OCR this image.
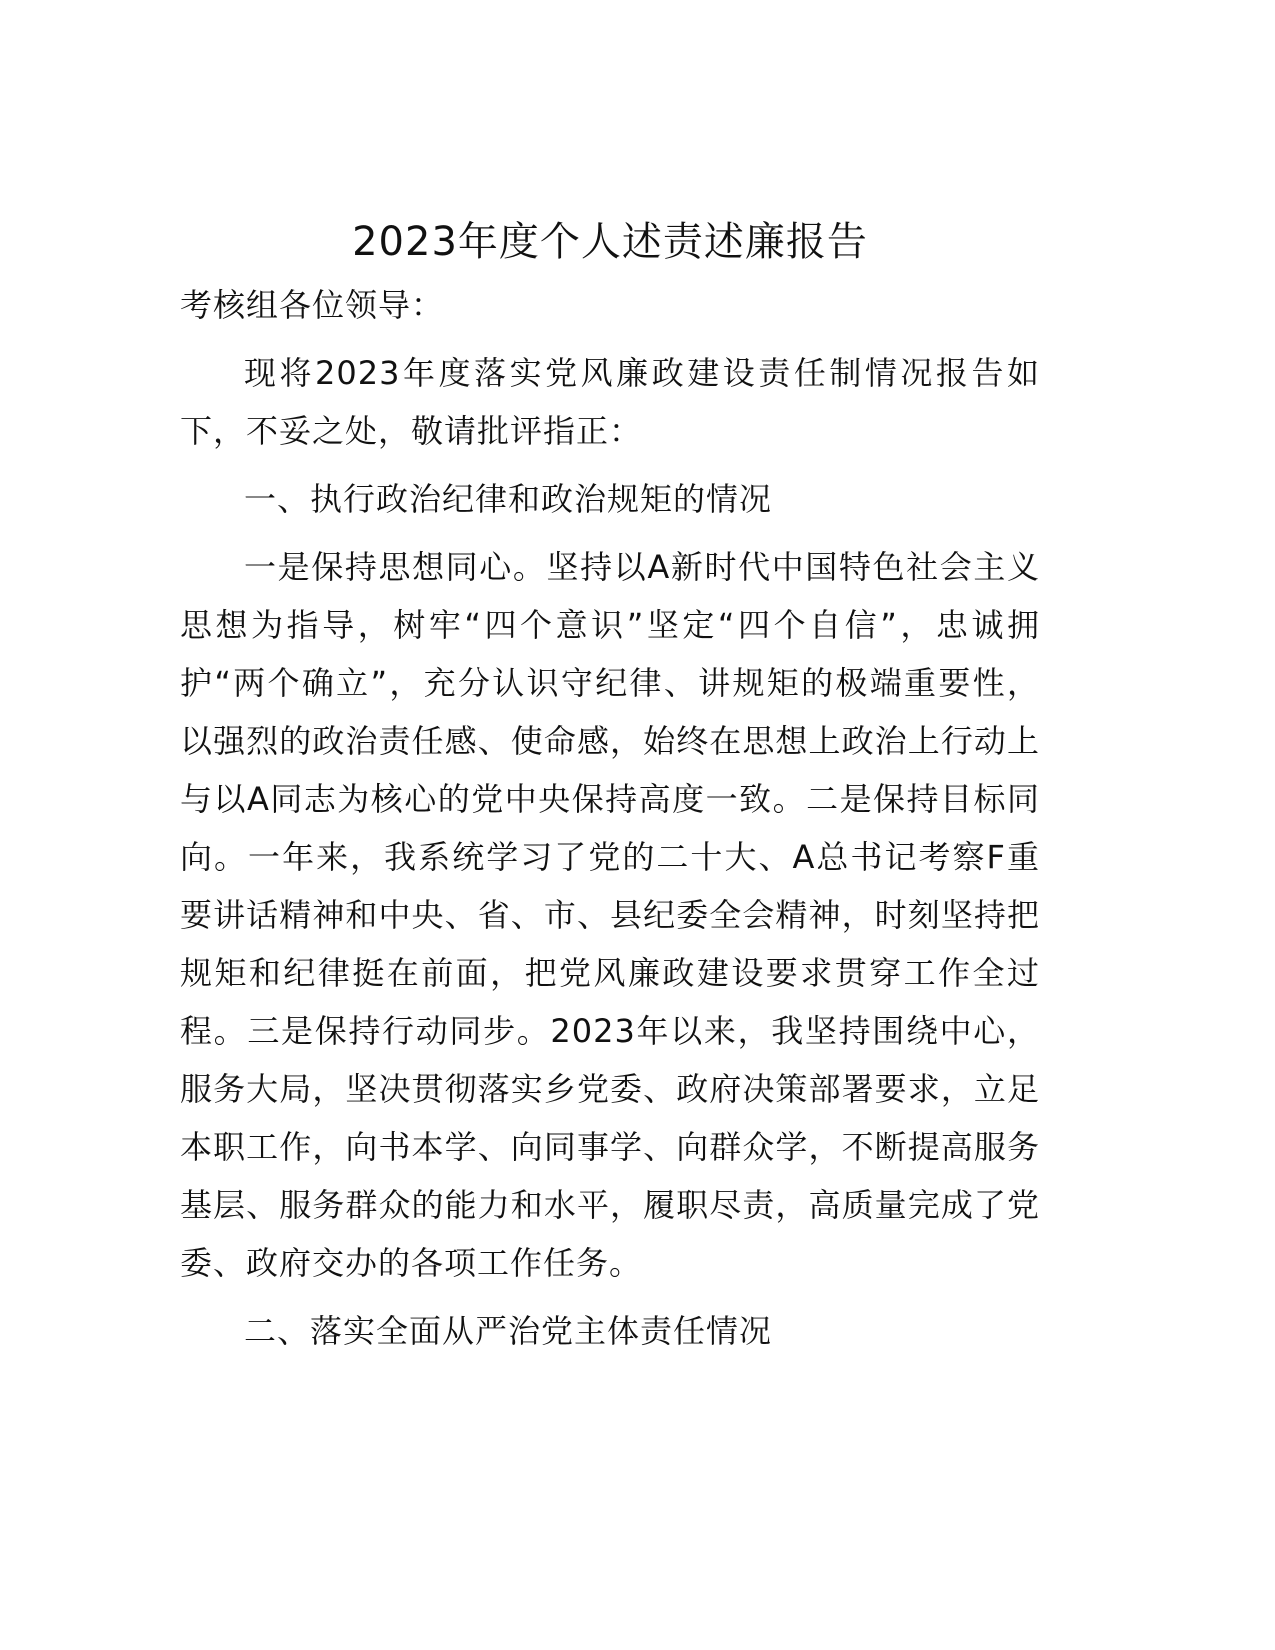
2023年度个人述责述廉报告

考核组各位领导：

现将2023年度落实党风廉政建设责任制情况报告如下，不妥之处，敬请批评指正：

一、执行政治纪律和政治规矩的情况

一是保持思想同心。坚持以A新时代中国特色社会主义思想为指导，树牢“四个意识”坚定“四个自信”，忠诚拥护“两个确立”，充分认识守纪律、讲规矩的极端重要性，以强烈的政治责任感、使命感，始终在思想上政治上行动上与以A同志为核心的党中央保持高度一致。二是保持目标同向。一年来，我系统学习了党的二十大、A总书记考察F重要讲话精神和中央、省、市、县纪委全会精神，时刻坚持把规矩和纪律挺在前面，把党风廉政建设要求贯穿工作全过程。三是保持行动同步。2023年以来，我坚持围绕中心，服务大局，坚决贯彻落实乡党委、政府决策部署要求，立足本职工作，向书本学、向同事学、向群众学，不断提高服务基层、服务群众的能力和水平，履职尽责，高质量完成了党委、政府交办的各项工作任务。

二、落实全面从严治党主体责任情况
